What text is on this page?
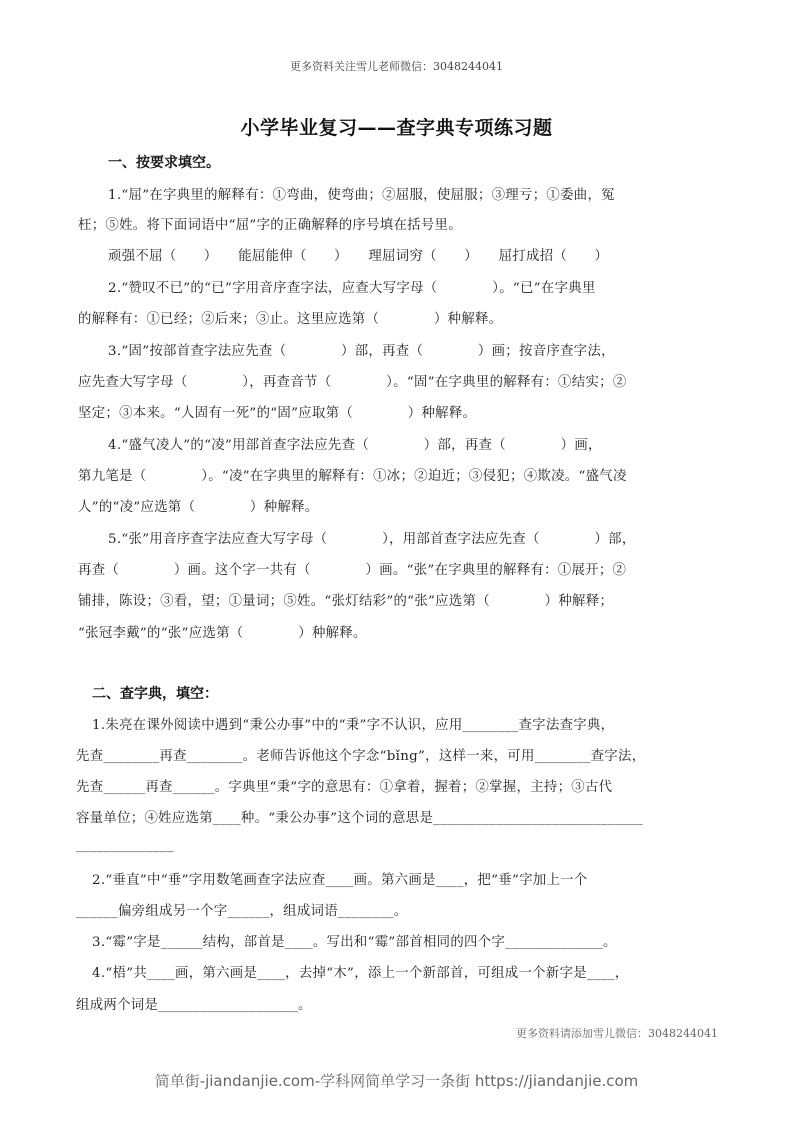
更多资料关注雪儿老师微信：3048244041
小学毕业复习——查字典专项练习题
一、按要求填空。
1.“屈”在字典里的解释有：①弯曲，使弯曲；②屈服，使屈服；③理亏；①委曲，冤
枉；⑤姓。将下面词语中“屈”字的正确解释的序号填在括号里。
顽强不屈（　　）　　能屈能伸（　　）　　理屈词穷（　　）　　屈打成招（　　）
2.“赞叹不已”的“已”字用音序查字法，应查大写字母（　　　　）。“已”在字典里
的解释有：①已经；②后来；③止。这里应选第（　　　　）种解释。
3.“固”按部首查字法应先查（　　　　）部，再查（　　　　）画；按音序查字法，
应先查大写字母（　　　　），再查音节（　　　　）。“固”在字典里的解释有：①结实；②
坚定；③本来。“人固有一死”的“固”应取第（　　　　）种解释。
4.“盛气凌人”的“凌”用部首查字法应先查（　　　　）部，再查（　　　　）画，
第九笔是（　　　　）。“凌”在字典里的解释有：①冰；②迫近；③侵犯；④欺凌。“盛气凌
人”的“凌”应选第（　　　　）种解释。
5.“张”用音序查字法应查大写字母（　　　　），用部首查字法应先查（　　　　）部，
再查（　　　　）画。这个字一共有（　　　　）画。“张”在字典里的解释有：①展开；②
铺排，陈设；③看，望；①量词；⑤姓。“张灯结彩”的“张”应选第（　　　　）种解释；
“张冠李戴”的“张”应选第（　　　　）种解释。
二、查字典，填空：
1.朱亮在课外阅读中遇到“秉公办事”中的“秉”字不认识，应用________查字法查字典，
先查________再查________。老师告诉他这个字念“bǐng”，这样一来，可用________查字法，
先查______再查______。字典里“秉”字的意思有：①拿着，握着；②掌握，主持；③古代
容量单位；④姓应选第____种。“秉公办事”这个词的意思是______________________________
______________
2.“垂直”中“垂”字用数笔画查字法应查____画。第六画是____，把“垂”字加上一个
______偏旁组成另一个字______，组成词语________。
3.“霉”字是______结构，部首是____。写出和“霉”部首相同的四个字______________。
4.“梧”共____画，第六画是____，去掉“木”，添上一个新部首，可组成一个新字是____，
组成两个词是____________________。
更多资料请添加雪儿微信：3048244041
简单街-jiandanjie.com-学科网简单学习一条街 https://jiandanjie.com
